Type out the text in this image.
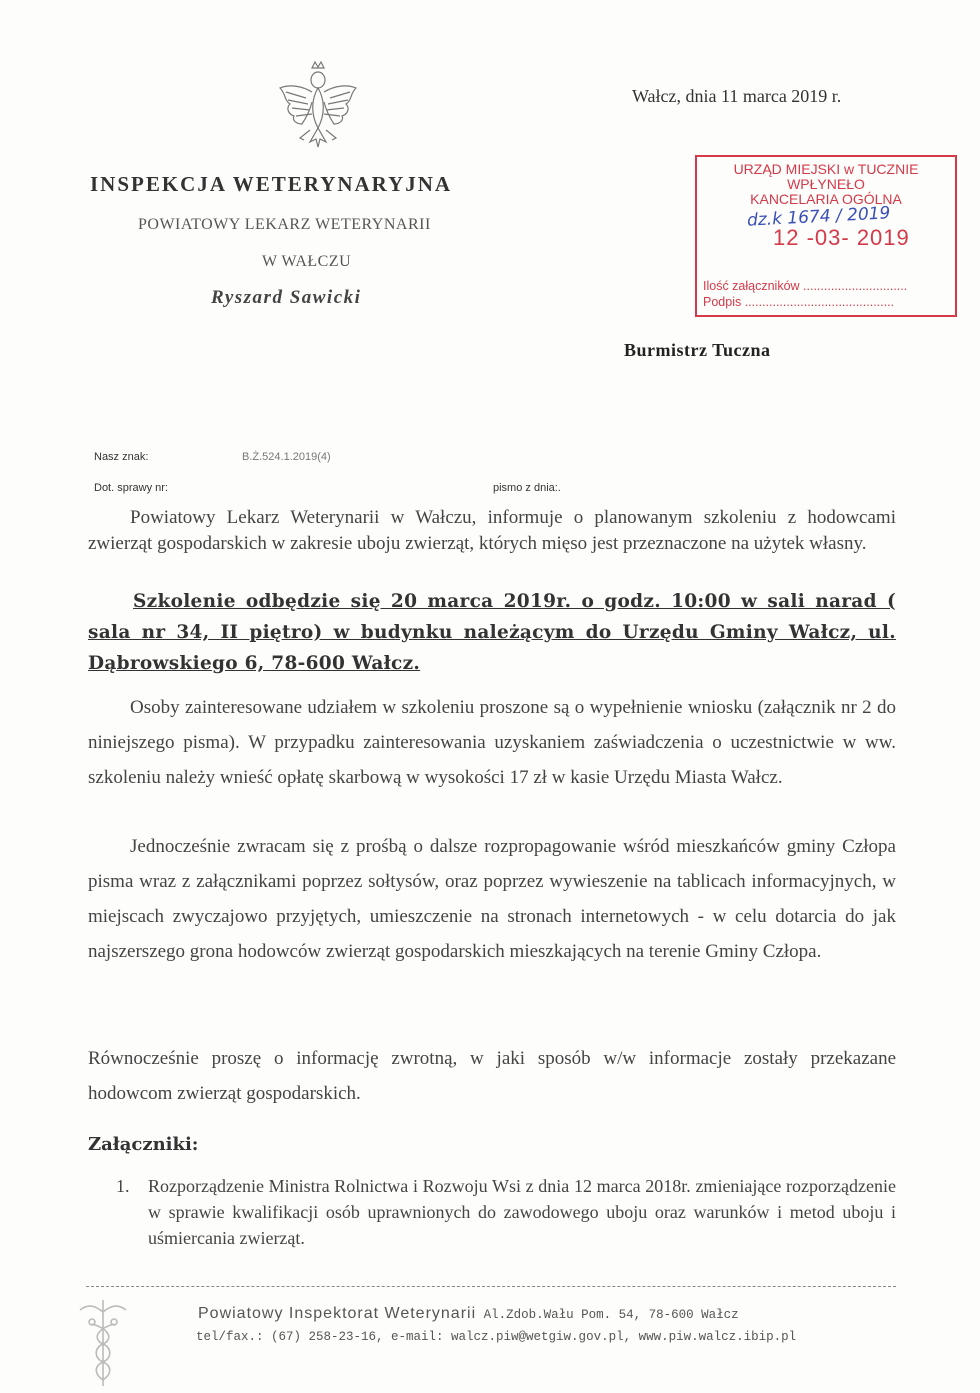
INSPEKCJA WETERYNARYJNA
POWIATOWY LEKARZ WETERYNARII
W WAŁCZU
Ryszard Sawicki
Wałcz, dnia 11 marca 2019 r.
URZĄD MIEJSKI w TUCZNIE
WPŁYNEŁO
KANCELARIA OGÓLNA
dz.k 1674 / 2019
12 -03- 2019
Ilość załączników ..............................
Podpis ...........................................
Burmistrz Tuczna
Nasz znak:	B.Ż.524.1.2019(4)
Dot. sprawy nr:	pismo z dnia:.
Powiatowy Lekarz Weterynarii w Wałczu, informuje o planowanym szkoleniu z hodowcami zwierząt gospodarskich w zakresie uboju zwierząt, których mięso jest przeznaczone na użytek własny.
Szkolenie odbędzie się 20 marca 2019r. o godz. 10:00 w sali narad ( sala nr 34, II piętro) w budynku należącym do Urzędu Gminy Wałcz, ul. Dąbrowskiego 6, 78-600 Wałcz.
Osoby zainteresowane udziałem w szkoleniu proszone są o wypełnienie wniosku (załącznik nr 2 do niniejszego pisma). W przypadku zainteresowania uzyskaniem zaświadczenia o uczestnictwie w ww. szkoleniu należy wnieść opłatę skarbową w wysokości 17 zł w kasie Urzędu Miasta Wałcz.
Jednocześnie zwracam się z prośbą o dalsze rozpropagowanie wśród mieszkańców gminy Człopa pisma wraz z załącznikami poprzez sołtysów, oraz poprzez wywieszenie na tablicach informacyjnych, w miejscach zwyczajowo przyjętych, umieszczenie na stronach internetowych - w celu dotarcia do jak najszerszego grona hodowców zwierząt gospodarskich mieszkających na terenie Gminy Człopa.
Równocześnie proszę o informację zwrotną, w jaki sposób w/w informacje zostały przekazane hodowcom zwierząt gospodarskich.
Załączniki:
1. Rozporządzenie Ministra Rolnictwa i Rozwoju Wsi z dnia 12 marca 2018r. zmieniające rozporządzenie w sprawie kwalifikacji osób uprawnionych do zawodowego uboju oraz warunków i metod uboju i uśmiercania zwierząt.
Powiatowy Inspektorat Weterynarii Al.Zdob.Wału Pom. 54, 78-600 Wałcz
tel/fax.: (67) 258-23-16, e-mail: walcz.piw@wetgiw.gov.pl, www.piw.walcz.ibip.pl
